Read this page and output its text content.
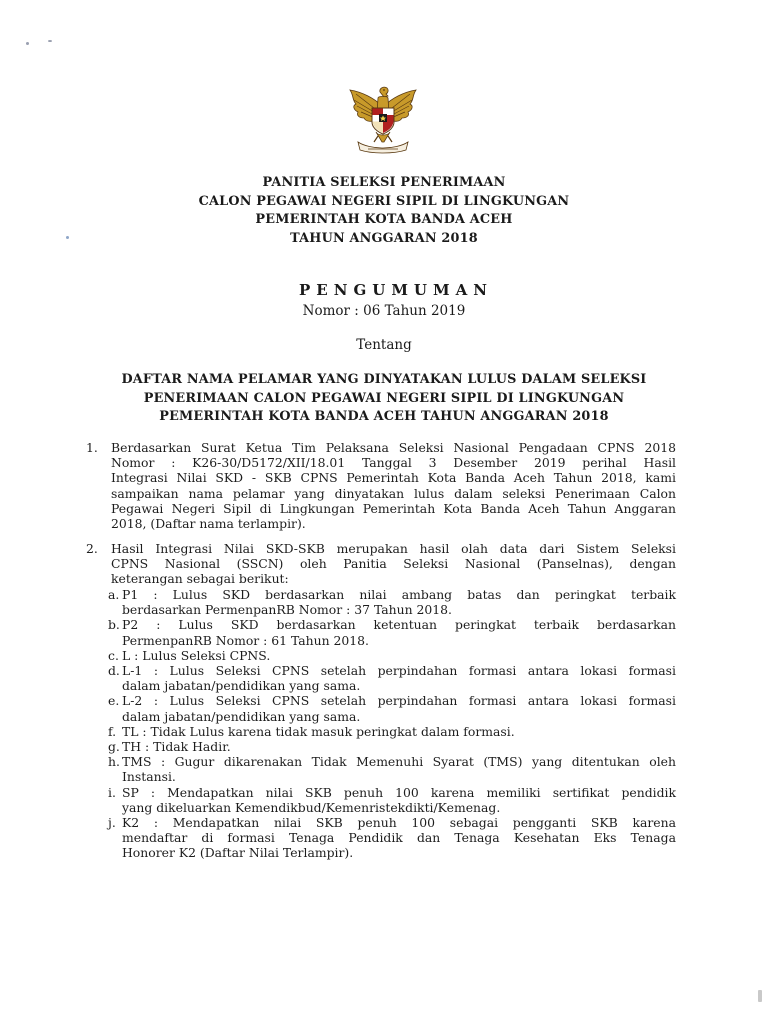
PANITIA SELEKSI PENERIMAAN
CALON PEGAWAI NEGERI SIPIL DI LINGKUNGAN
PEMERINTAH KOTA BANDA ACEH
TAHUN ANGGARAN 2018
PENGUMUMAN
Nomor : 06 Tahun 2019
Tentang
DAFTAR NAMA PELAMAR YANG DINYATAKAN LULUS DALAM SELEKSI
PENERIMAAN CALON PEGAWAI NEGERI SIPIL DI LINGKUNGAN
PEMERINTAH KOTA BANDA ACEH TAHUN ANGGARAN 2018
1.	Berdasarkan Surat Ketua Tim Pelaksana Seleksi Nasional Pengadaan CPNS 2018
Nomor : K26-30/D5172/XII/18.01 Tanggal 3 Desember 2019 perihal Hasil
Integrasi Nilai SKD - SKB CPNS Pemerintah Kota Banda Aceh Tahun 2018, kami
sampaikan nama pelamar yang dinyatakan lulus dalam seleksi Penerimaan Calon
Pegawai Negeri Sipil di Lingkungan Pemerintah Kota Banda Aceh Tahun Anggaran
2018, (Daftar nama terlampir).
2.	Hasil Integrasi Nilai SKD-SKB merupakan hasil olah data dari Sistem Seleksi
CPNS Nasional (SSCN) oleh Panitia Seleksi Nasional (Panselnas), dengan
keterangan sebagai berikut:
a. P1 : Lulus SKD berdasarkan nilai ambang batas dan peringkat terbaik
berdasarkan PermenpanRB Nomor : 37 Tahun 2018.
b. P2 : Lulus SKD berdasarkan ketentuan peringkat terbaik berdasarkan
PermenpanRB Nomor : 61 Tahun 2018.
c. L : Lulus Seleksi CPNS.
d. L-1 : Lulus Seleksi CPNS setelah perpindahan formasi antara lokasi formasi
dalam jabatan/pendidikan yang sama.
e. L-2 : Lulus Seleksi CPNS setelah perpindahan formasi antara lokasi formasi
dalam jabatan/pendidikan yang sama.
f. TL : Tidak Lulus karena tidak masuk peringkat dalam formasi.
g. TH : Tidak Hadir.
h. TMS : Gugur dikarenakan Tidak Memenuhi Syarat (TMS) yang ditentukan oleh
Instansi.
i. SP : Mendapatkan nilai SKB penuh 100 karena memiliki sertifikat pendidik
yang dikeluarkan Kemendikbud/Kemenristekdikti/Kemenag.
j. K2 : Mendapatkan nilai SKB penuh 100 sebagai pengganti SKB karena
mendaftar di formasi Tenaga Pendidik dan Tenaga Kesehatan Eks Tenaga
Honorer K2 (Daftar Nilai Terlampir).
